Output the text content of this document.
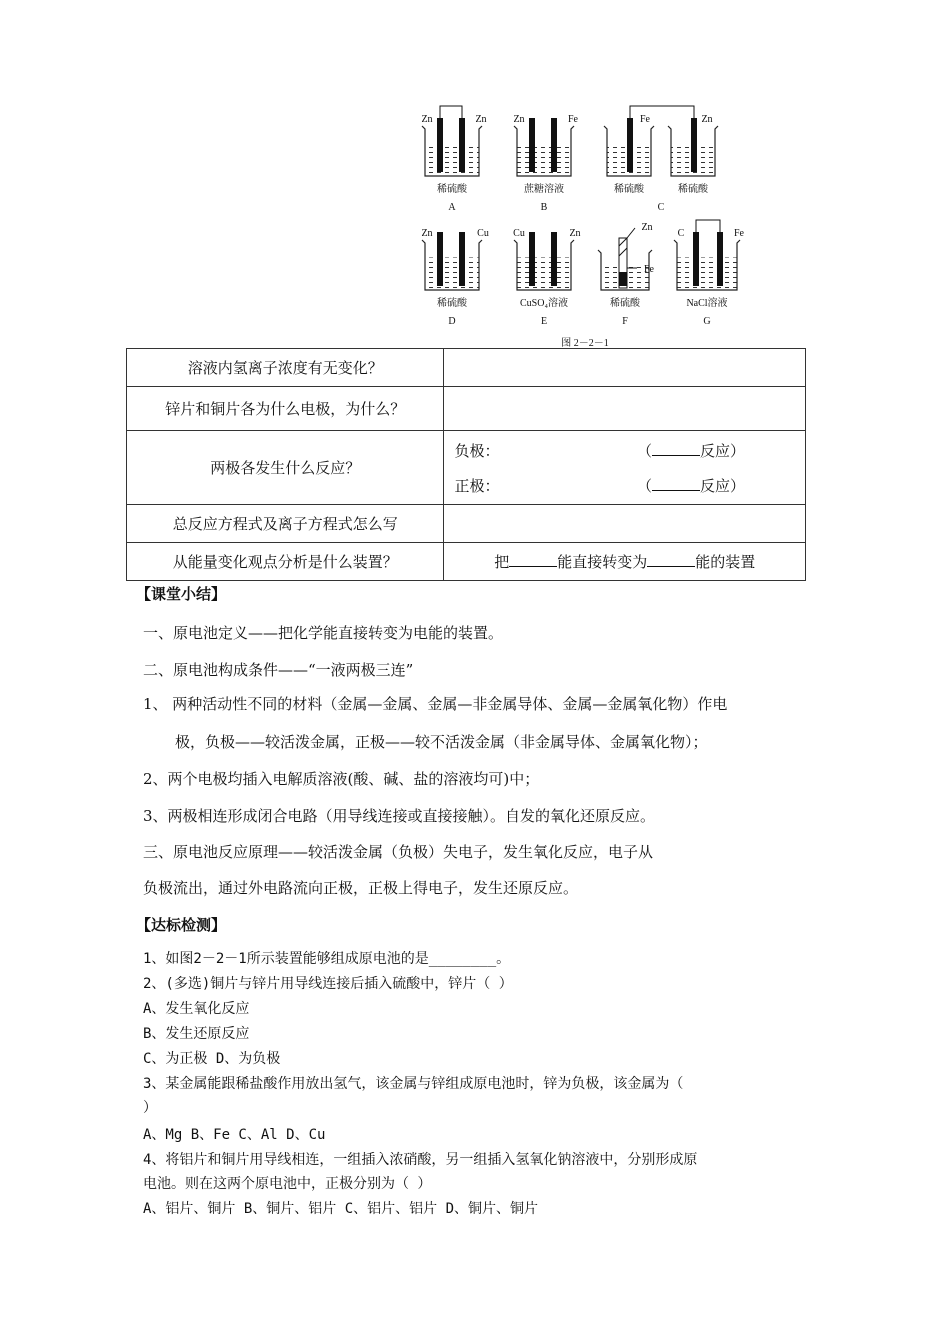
Zn	Zn
稀硫酸
A
Zn	Fe
蔗糖溶液
B
Fe	Zn
稀硫酸	稀硫酸
C
Zn	Cu
稀硫酸
D
Cu	Zn
CuSO₄溶液
E
Zn
Fe
稀硫酸
F
C	Fe
NaCl溶液
G
图 2－2－1
溶液内氢离子浓度有无变化？	
锌片和铜片各为什么电极，为什么？	
两极各发生什么反应？	负极： （ 反应）
正极： （ 反应）

总反应方程式及离子方程式怎么写	
从能量变化观点分析是什么装置？	把 能直接转变为 能的装置
【课堂小结】
一、原电池定义——把化学能直接转变为电能的装置。
二、原电池构成条件——“一液两极三连”
1、 两种活动性不同的材料（金属—金属、金属—非金属导体、金属—金属氧化物）作电
极，负极——较活泼金属，正极——较不活泼金属（非金属导体、金属氧化物）；
2、两个电极均插入电解质溶液(酸、碱、盐的溶液均可)中；
3、两极相连形成闭合电路（用导线连接或直接接触）。自发的氧化还原反应。
三、原电池反应原理——较活泼金属（负极）失电子，发生氧化反应，电子从
负极流出，通过外电路流向正极，正极上得电子，发生还原反应。
【达标检测】
1、如图2－2－1所示装置能够组成原电池的是________。
2、(多选)铜片与锌片用导线连接后插入硫酸中，锌片（ ）
A、发生氧化反应
B、发生还原反应
C、为正极 D、为负极
3、某金属能跟稀盐酸作用放出氢气，该金属与锌组成原电池时，锌为负极，该金属为（
）
A、Mg B、Fe C、Al D、Cu
4、将铝片和铜片用导线相连，一组插入浓硝酸，另一组插入氢氧化钠溶液中，分别形成原
电池。则在这两个原电池中，正极分别为（ ）
A、铝片、铜片 B、铜片、铝片 C、铝片、铝片 D、铜片、铜片
